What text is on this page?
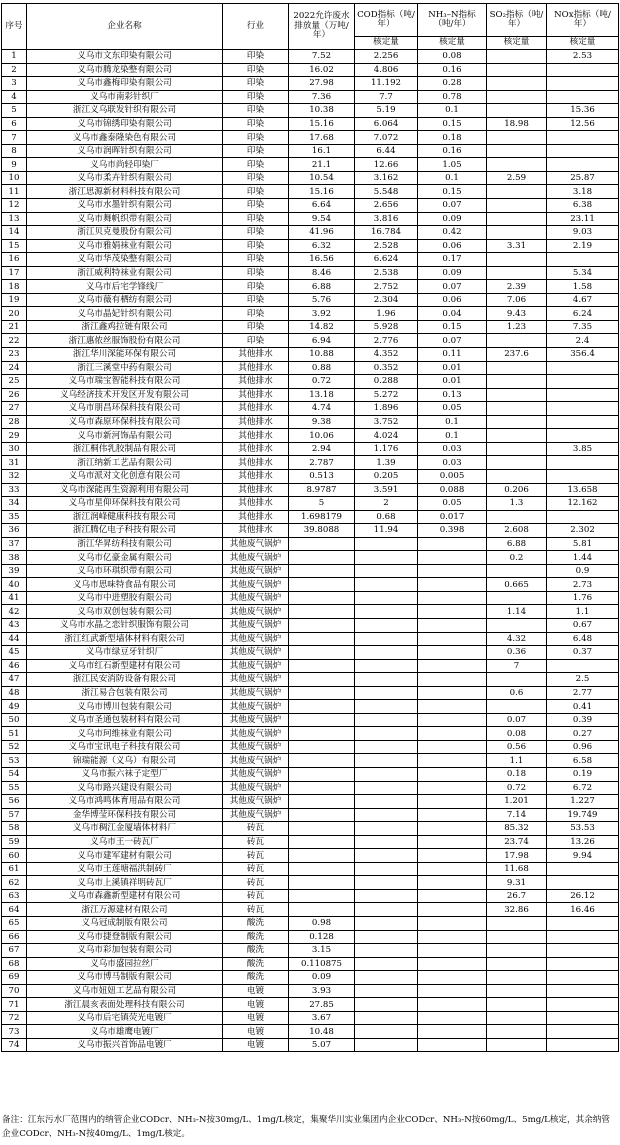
序号	企业名称	行业	2022允许废水排放量（万吨/年）	COD指标（吨/年）	NH₃–N指标（吨/年）	SO₂指标（吨/年）	NOx指标（吨/年）
				核定量	核定量	核定量	核定量
1	义乌市文东印染有限公司	印染	7.52	2.256	0.08		2.53
2	义乌市腾龙染整有限公司	印染	16.02	4.806	0.16		
3	义乌市鑫梅印染有限公司	印染	27.98	11.192	0.28		
4	义乌市南彩针织厂	印染	7.36	7.7	0.78		
5	浙江义乌联发针织有限公司	印染	10.38	5.19	0.1		15.36
6	义乌市锦绣印染有限公司	印染	15.16	6.064	0.15	18.98	12.56
7	义乌市鑫泰隆染色有限公司	印染	17.68	7.072	0.18		
8	义乌市润晖针织有限公司	印染	16.1	6.44	0.16		
9	义乌市尚轻印染厂	印染	21.1	12.66	1.05		
10	义乌市柔卉针织有限公司	印染	10.54	3.162	0.1	2.59	25.87
11	浙江思源新材料科技有限公司	印染	15.16	5.548	0.15		3.18
12	义乌市水墨针织有限公司	印染	6.64	2.656	0.07		6.38
13	义乌市舞帆织带有限公司	印染	9.54	3.816	0.09		23.11
14	浙江贝克曼股份有限公司	印染	41.96	16.784	0.42		9.03
15	义乌市雅娟袜业有限公司	印染	6.32	2.528	0.06	3.31	2.19
16	义乌市华茂染整有限公司	印染	16.56	6.624	0.17		
17	浙江威利特袜业有限公司	印染	8.46	2.538	0.09		5.34
18	义乌市后宅学锋线厂	印染	6.88	2.752	0.07	2.39	1.58
19	义乌市薇有栖纺有限公司	印染	5.76	2.304	0.06	7.06	4.67
20	义乌市晶妃针织有限公司	印染	3.92	1.96	0.04	9.43	6.24
21	浙江鑫鸡拉链有限公司	印染	14.82	5.928	0.15	1.23	7.35
22	浙江惠侬丝服饰股份有限公司	印染	6.94	2.776	0.07		2.4
23	浙江华川深能环保有限公司	其他排水	10.88	4.352	0.11	237.6	356.4
24	浙江三溪堂中药有限公司	其他排水	0.88	0.352	0.01		
25	义乌市瑞宝智能科技有限公司	其他排水	0.72	0.288	0.01		
26	义乌经济技术开发区开发有限公司	其他排水	13.18	5.272	0.13		
27	义乌市朋昌环保科技有限公司	其他排水	4.74	1.896	0.05		
28	义乌市森原环保科技有限公司	其他排水	9.38	3.752	0.1		
29	义乌市新河饰品有限公司	其他排水	10.06	4.024	0.1		
30	浙江桐伟乳胶制品有限公司	其他排水	2.94	1.176	0.03		3.85
31	浙江纳新工艺品有限公司	其他排水	2.787	1.39	0.03		
32	义乌市派对文化创意有限公司	其他排水	0.513	0.205	0.005		
33	义乌市深能再生资源利用有限公司	其他排水	8.9787	3.591	0.088	0.206	13.658
34	义乌市星仰环保科技有限公司	其他排水	5	2	0.05	1.3	12.162
35	浙江润峰健康科技有限公司	其他排水	1.698179	0.68	0.017		
36	浙江腾亿电子科技有限公司	其他排水	39.8088	11.94	0.398	2.608	2.302
37	浙江华昇纺科技有限公司	其他废气锅炉				6.88	5.81
38	义乌市亿豪金属有限公司	其他废气锅炉				0.2	1.44
39	义乌市环琪织带有限公司	其他废气锅炉					0.9
40	义乌市思味特食品有限公司	其他废气锅炉				0.665	2.73
41	义乌市中进塑胶有限公司	其他废气锅炉					1.76
42	义乌市双创包装有限公司	其他废气锅炉				1.14	1.1
43	义乌市水晶之恋针织服饰有限公司	其他废气锅炉					0.67
44	浙江红武新型墙体材料有限公司	其他废气锅炉				4.32	6.48
45	义乌市绿豆牙针织厂	其他废气锅炉				0.36	0.37
46	义乌市红石新型建材有限公司	其他废气锅炉				7	
47	浙江民安消防设备有限公司	其他废气锅炉					2.5
48	浙江易合包装有限公司	其他废气锅炉				0.6	2.77
49	义乌市博川包装有限公司	其他废气锅炉					0.41
50	义乌市圣通包装材料有限公司	其他废气锅炉				0.07	0.39
51	义乌市珂维袜业有限公司	其他废气锅炉				0.08	0.27
52	义乌市宝讯电子科技有限公司	其他废气锅炉				0.56	0.96
53	锦瑞能源（义乌）有限公司	其他废气锅炉				1.1	6.58
54	义乌市振六袜子定型厂	其他废气锅炉				0.18	0.19
55	义乌市路兴建设有限公司	其他废气锅炉				0.72	6.72
56	义乌市鸿鸣体育用品有限公司	其他废气锅炉				1.201	1.227
57	金华博莹环保科技有限公司	其他废气锅炉				7.14	19.749
58	义乌市稠江金厦墙体材料厂	砖瓦				85.32	53.53
59	义乌市王一砖瓦厂	砖瓦				23.74	13.26
60	义乌市建军建材有限公司	砖瓦				17.98	9.94
61	义乌市王莲塘福洪制砖厂	砖瓦				11.68	
62	义乌市上溪镇祥明砖瓦厂	砖瓦				9.31	
63	义乌市森鑫新型建材有限公司	砖瓦				26.7	26.12
64	浙江万源建材有限公司	砖瓦				32.86	16.46
65	义乌冠成制版有限公司	酸洗	0.98				
66	义乌市捷登制版有限公司	酸洗	0.128				
67	义乌市彩加包装有限公司	酸洗	3.15				
68	义乌市盛园拉丝厂	酸洗	0.110875				
69	义乌市博马制版有限公司	酸洗	0.09				
70	义乌市妞妞工艺品有限公司	电镀	3.93				
71	浙江晨亥表面处理科技有限公司	电镀	27.85				
72	义乌市后宅镇荧光电镀厂	电镀	3.67				
73	义乌市雄鹰电镀厂	电镀	10.48				
74	义乌市振兴首饰品电镀厂	电镀	5.07				
备注：江东污水厂范围内的纳管企业CODcr、NH₃-N按30mg/L、1mg/L核定，集聚华川实业集团内企业CODcr、NH₃-N按60mg/L、5mg/L核定，其余纳管企业CODcr、NH₃-N按40mg/L、1mg/L核定。
